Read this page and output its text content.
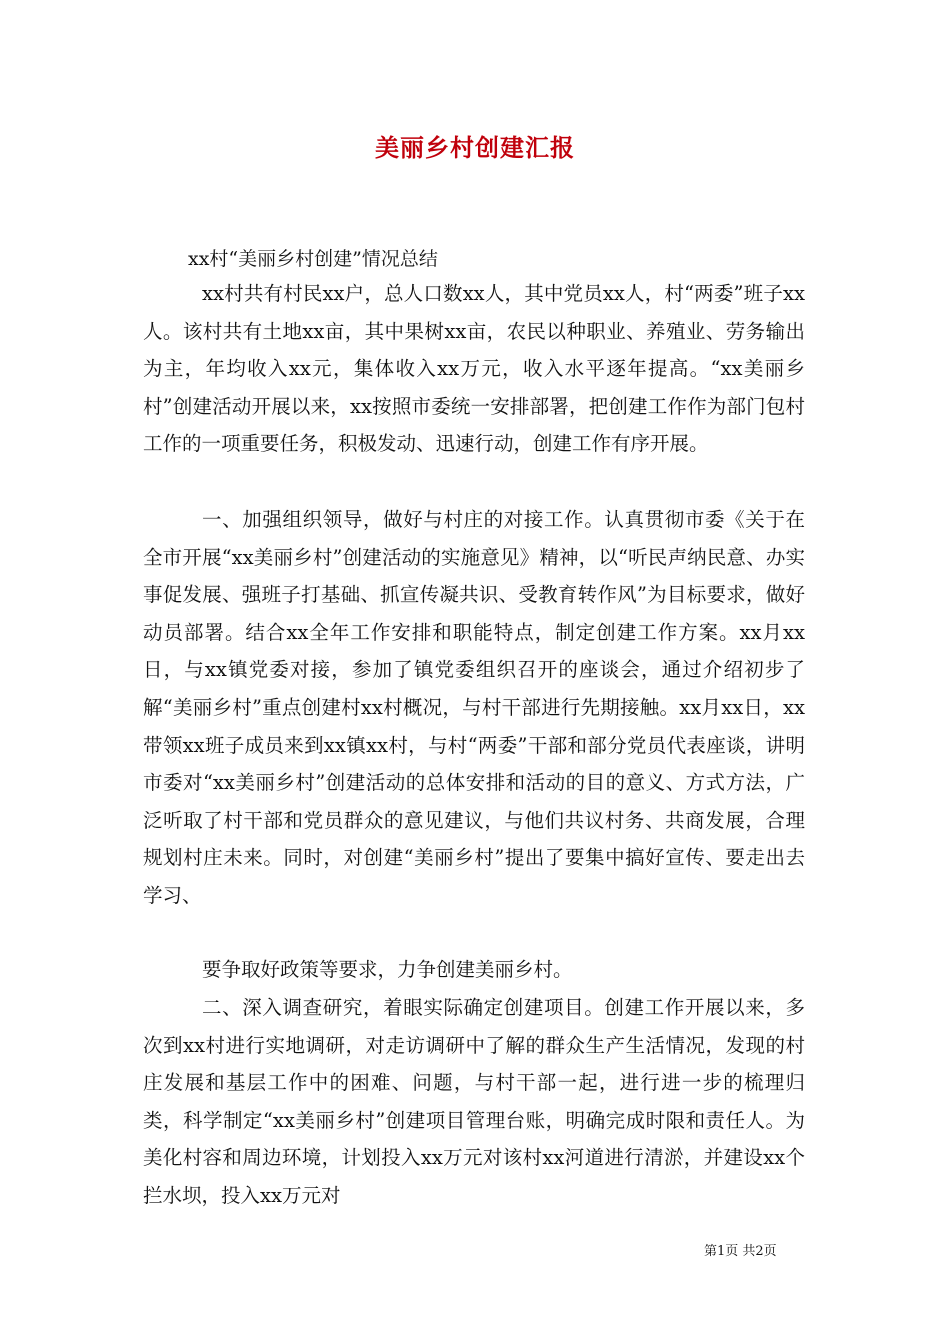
美丽乡村创建汇报
xx村“美丽乡村创建”情况总结

xx村共有村民xx户，总人口数xx人，其中党员xx人，村“两委”班子xx人。该村共有土地xx亩，其中果树xx亩，农民以种职业、养殖业、劳务输出为主，年均收入xx元，集体收入xx万元，收入水平逐年提高。“xx美丽乡村”创建活动开展以来，xx按照市委统一安排部署，把创建工作作为部门包村工作的一项重要任务，积极发动、迅速行动，创建工作有序开展。

一、加强组织领导，做好与村庄的对接工作。认真贯彻市委《关于在全市开展“xx美丽乡村”创建活动的实施意见》精神，以“听民声纳民意、办实事促发展、强班子打基础、抓宣传凝共识、受教育转作风”为目标要求，做好动员部署。结合xx全年工作安排和职能特点，制定创建工作方案。xx月xx日，与xx镇党委对接，参加了镇党委组织召开的座谈会，通过介绍初步了解“美丽乡村”重点创建村xx村概况，与村干部进行先期接触。xx月xx日，xx带领xx班子成员来到xx镇xx村，与村“两委”干部和部分党员代表座谈，讲明市委对“xx美丽乡村”创建活动的总体安排和活动的目的意义、方式方法，广泛听取了村干部和党员群众的意见建议，与他们共议村务、共商发展，合理规划村庄未来。同时，对创建“美丽乡村”提出了要集中搞好宣传、要走出去学习、

要争取好政策等要求，力争创建美丽乡村。

二、深入调查研究，着眼实际确定创建项目。创建工作开展以来，多次到xx村进行实地调研，对走访调研中了解的群众生产生活情况，发现的村庄发展和基层工作中的困难、问题，与村干部一起，进行进一步的梳理归类，科学制定“xx美丽乡村”创建项目管理台账，明确完成时限和责任人。为美化村容和周边环境，计划投入xx万元对该村xx河道进行清淤，并建设xx个拦水坝，投入xx万元对

第1页 共2页
